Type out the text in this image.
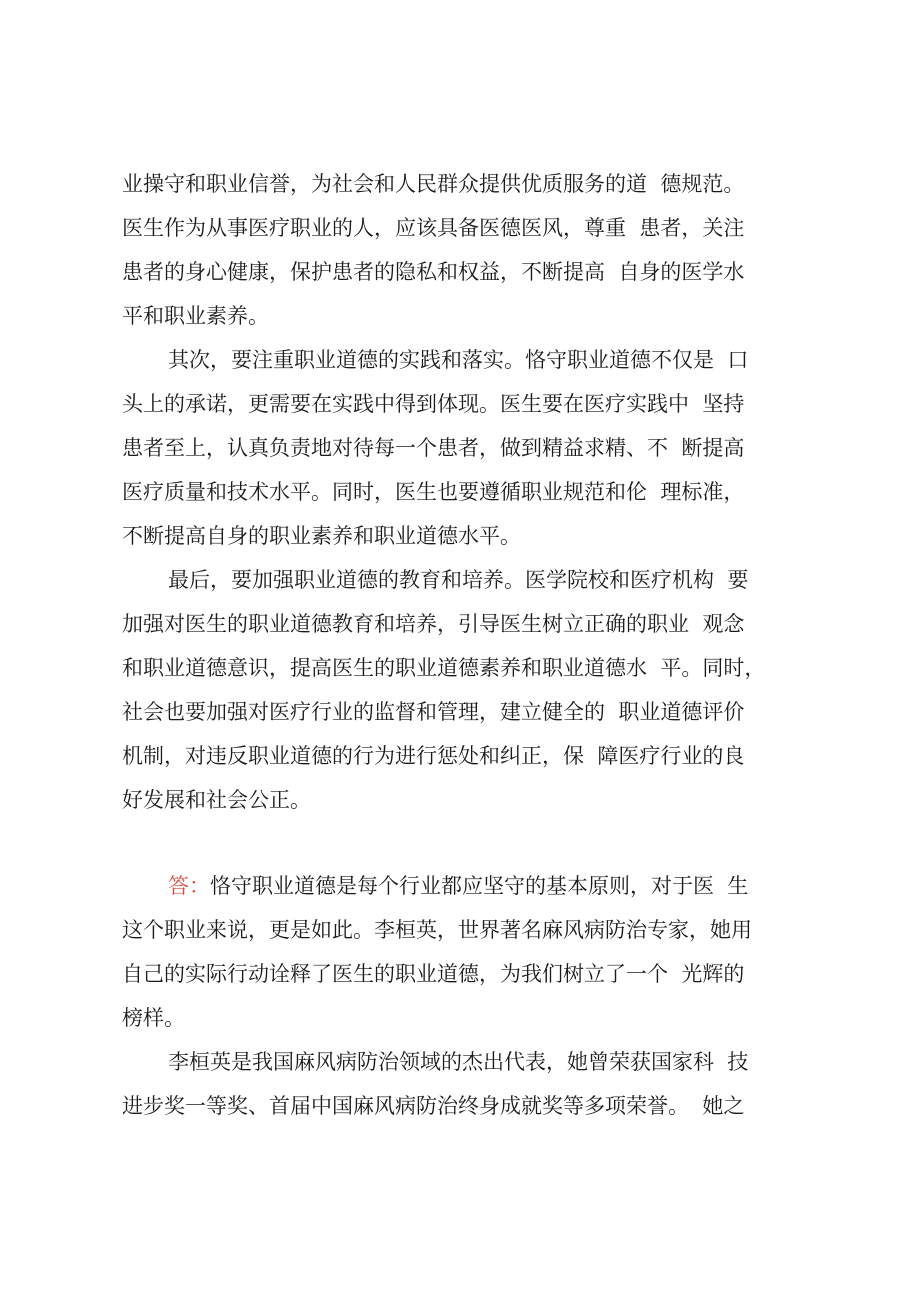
业操守和职业信誉，为社会和人民群众提供优质服务的道  德规范。
医生作为从事医疗职业的人，应该具备医德医风，尊重  患者，关注
患者的身心健康，保护患者的隐私和权益，不断提高  自身的医学水
平和职业素养。
其次，要注重职业道德的实践和落实。恪守职业道德不仅是  口
头上的承诺，更需要在实践中得到体现。医生要在医疗实践中  坚持
患者至上，认真负责地对待每一个患者，做到精益求精、不  断提高
医疗质量和技术水平。同时，医生也要遵循职业规范和伦  理标准，
不断提高自身的职业素养和职业道德水平。
最后，要加强职业道德的教育和培养。医学院校和医疗机构  要
加强对医生的职业道德教育和培养，引导医生树立正确的职业  观念
和职业道德意识，提高医生的职业道德素养和职业道德水  平。同时，
社会也要加强对医疗行业的监督和管理，建立健全的  职业道德评价
机制，对违反职业道德的行为进行惩处和纠正，保  障医疗行业的良
好发展和社会公正。
答：恪守职业道德是每个行业都应坚守的基本原则，对于医  生
这个职业来说，更是如此。李桓英，世界著名麻风病防治专家，她用
自己的实际行动诠释了医生的职业道德，为我们树立了一个  光辉的
榜样。
李桓英是我国麻风病防治领域的杰出代表，她曾荣获国家科  技
进步奖一等奖、首届中国麻风病防治终身成就奖等多项荣誉。  她之
